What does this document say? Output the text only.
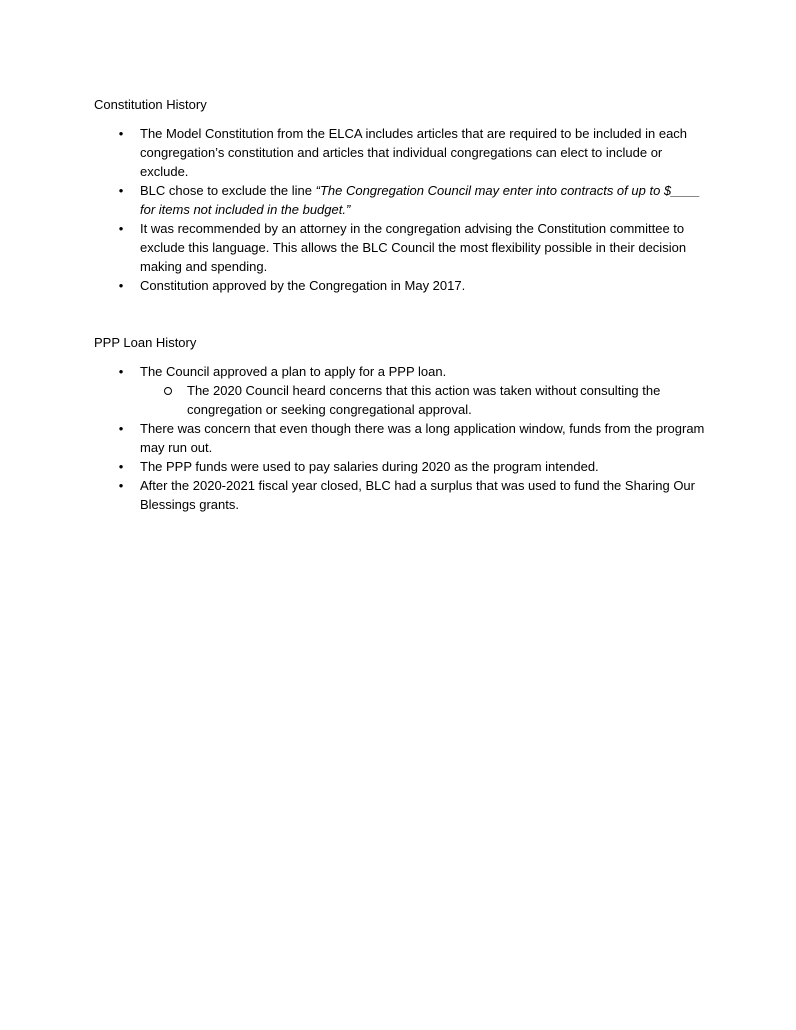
Constitution History

• The Model Constitution from the ELCA includes articles that are required to be included in each congregation’s constitution and articles that individual congregations can elect to include or exclude.
• BLC chose to exclude the line “The Congregation Council may enter into contracts of up to $____ for items not included in the budget.”
• It was recommended by an attorney in the congregation advising the Constitution committee to exclude this language. This allows the BLC Council the most flexibility possible in their decision making and spending.
• Constitution approved by the Congregation in May 2017.

PPP Loan History

• The Council approved a plan to apply for a PPP loan.
The 2020 Council heard concerns that this action was taken without consulting the congregation or seeking congregational approval.
• There was concern that even though there was a long application window, funds from the program may run out.
• The PPP funds were used to pay salaries during 2020 as the program intended.
• After the 2020-2021 fiscal year closed, BLC had a surplus that was used to fund the Sharing Our Blessings grants.
